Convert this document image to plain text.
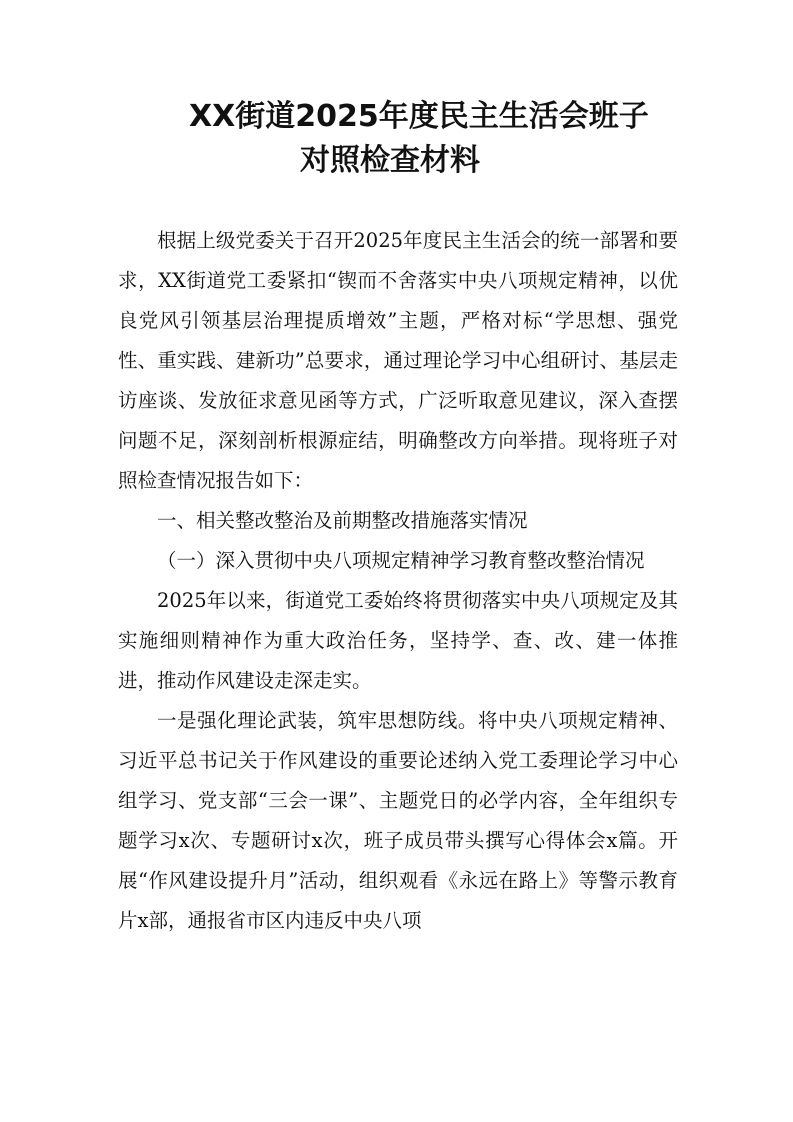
XX街道2025年度民主生活会班子
对照检查材料

根据上级党委关于召开2025年度民主生活会的统一部署和要求，XX街道党工委紧扣“锲而不舍落实中央八项规定精神，以优良党风引领基层治理提质增效”主题，严格对标“学思想、强党性、重实践、建新功”总要求，通过理论学习中心组研讨、基层走访座谈、发放征求意见函等方式，广泛听取意见建议，深入查摆问题不足，深刻剖析根源症结，明确整改方向举措。现将班子对照检查情况报告如下：

一、相关整改整治及前期整改措施落实情况

（一）深入贯彻中央八项规定精神学习教育整改整治情况

2025年以来，街道党工委始终将贯彻落实中央八项规定及其实施细则精神作为重大政治任务，坚持学、查、改、建一体推进，推动作风建设走深走实。

一是强化理论武装，筑牢思想防线。将中央八项规定精神、习近平总书记关于作风建设的重要论述纳入党工委理论学习中心组学习、党支部“三会一课”、主题党日的必学内容，全年组织专题学习x次、专题研讨x次，班子成员带头撰写心得体会x篇。开展“作风建设提升月”活动，组织观看《永远在路上》等警示教育片x部，通报省市区内违反中央八项
